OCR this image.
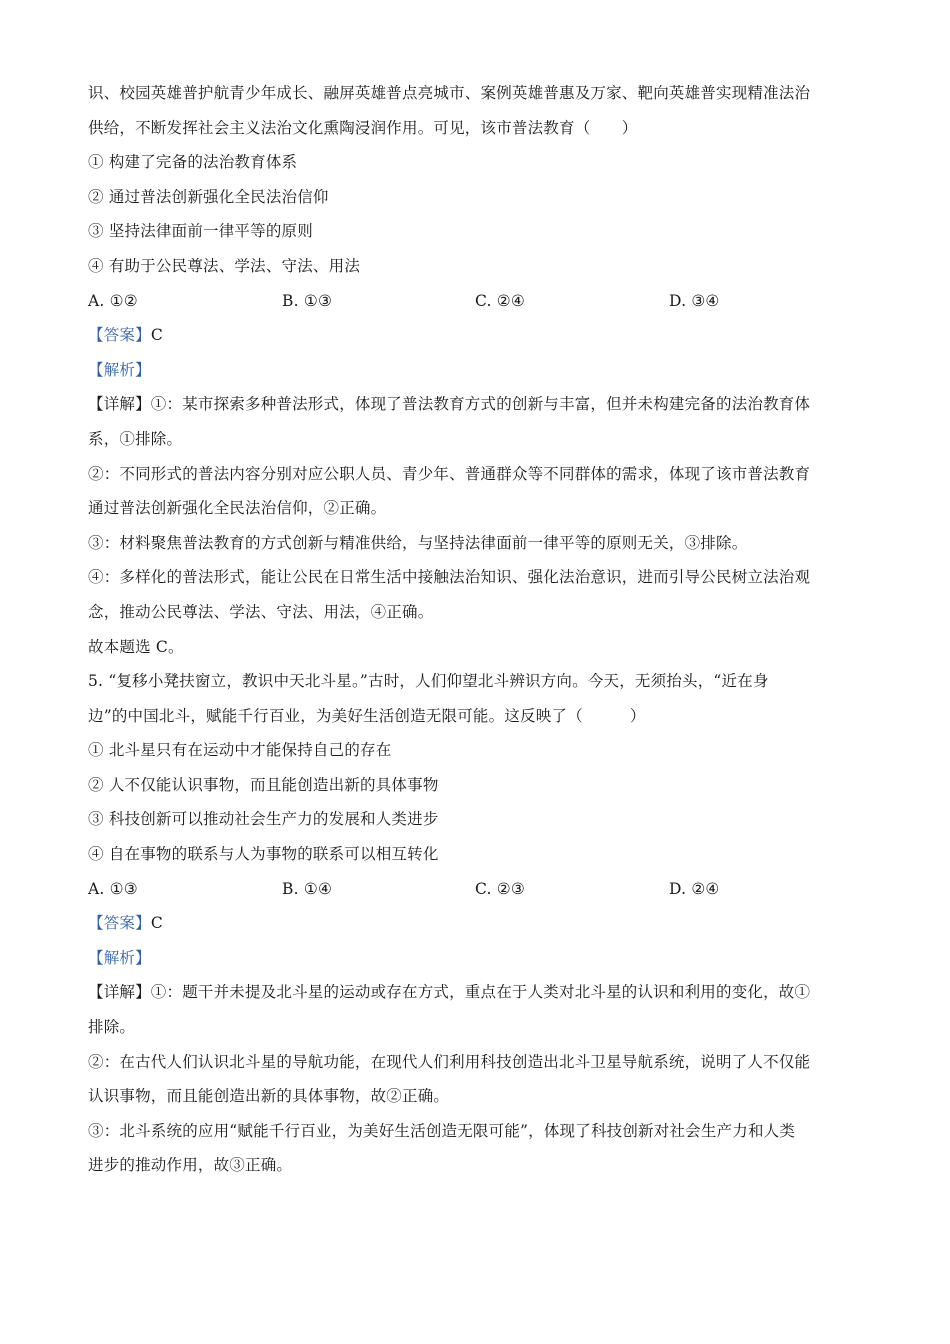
识、校园英雄普护航青少年成长、融屏英雄普点亮城市、案例英雄普惠及万家、靶向英雄普实现精准法治
供给，不断发挥社会主义法治文化熏陶浸润作用。可见，该市普法教育（　　）
① 构建了完备的法治教育体系
② 通过普法创新强化全民法治信仰
③ 坚持法律面前一律平等的原则
④ 有助于公民尊法、学法、守法、用法
A. ①②	B. ①③	C. ②④	D. ③④
【答案】C
【解析】
【详解】①：某市探索多种普法形式，体现了普法教育方式的创新与丰富，但并未构建完备的法治教育体
系，①排除。
②：不同形式的普法内容分别对应公职人员、青少年、普通群众等不同群体的需求，体现了该市普法教育
通过普法创新强化全民法治信仰，②正确。
③：材料聚焦普法教育的方式创新与精准供给，与坚持法律面前一律平等的原则无关，③排除。
④：多样化的普法形式，能让公民在日常生活中接触法治知识、强化法治意识，进而引导公民树立法治观
念，推动公民尊法、学法、守法、用法，④正确。
故本题选 C。
5. “复移小凳扶窗立，教识中天北斗星。”古时，人们仰望北斗辨识方向。今天，无须抬头，“近在身
边”的中国北斗，赋能千行百业，为美好生活创造无限可能。这反映了（　　　）
① 北斗星只有在运动中才能保持自己的存在
② 人不仅能认识事物，而且能创造出新的具体事物
③ 科技创新可以推动社会生产力的发展和人类进步
④ 自在事物的联系与人为事物的联系可以相互转化
A. ①③	B. ①④	C. ②③	D. ②④
【答案】C
【解析】
【详解】①：题干并未提及北斗星的运动或存在方式，重点在于人类对北斗星的认识和利用的变化，故①
排除。
②：在古代人们认识北斗星的导航功能，在现代人们利用科技创造出北斗卫星导航系统，说明了人不仅能
认识事物，而且能创造出新的具体事物，故②正确。
③：北斗系统的应用“赋能千行百业，为美好生活创造无限可能”，体现了科技创新对社会生产力和人类
进步的推动作用，故③正确。
